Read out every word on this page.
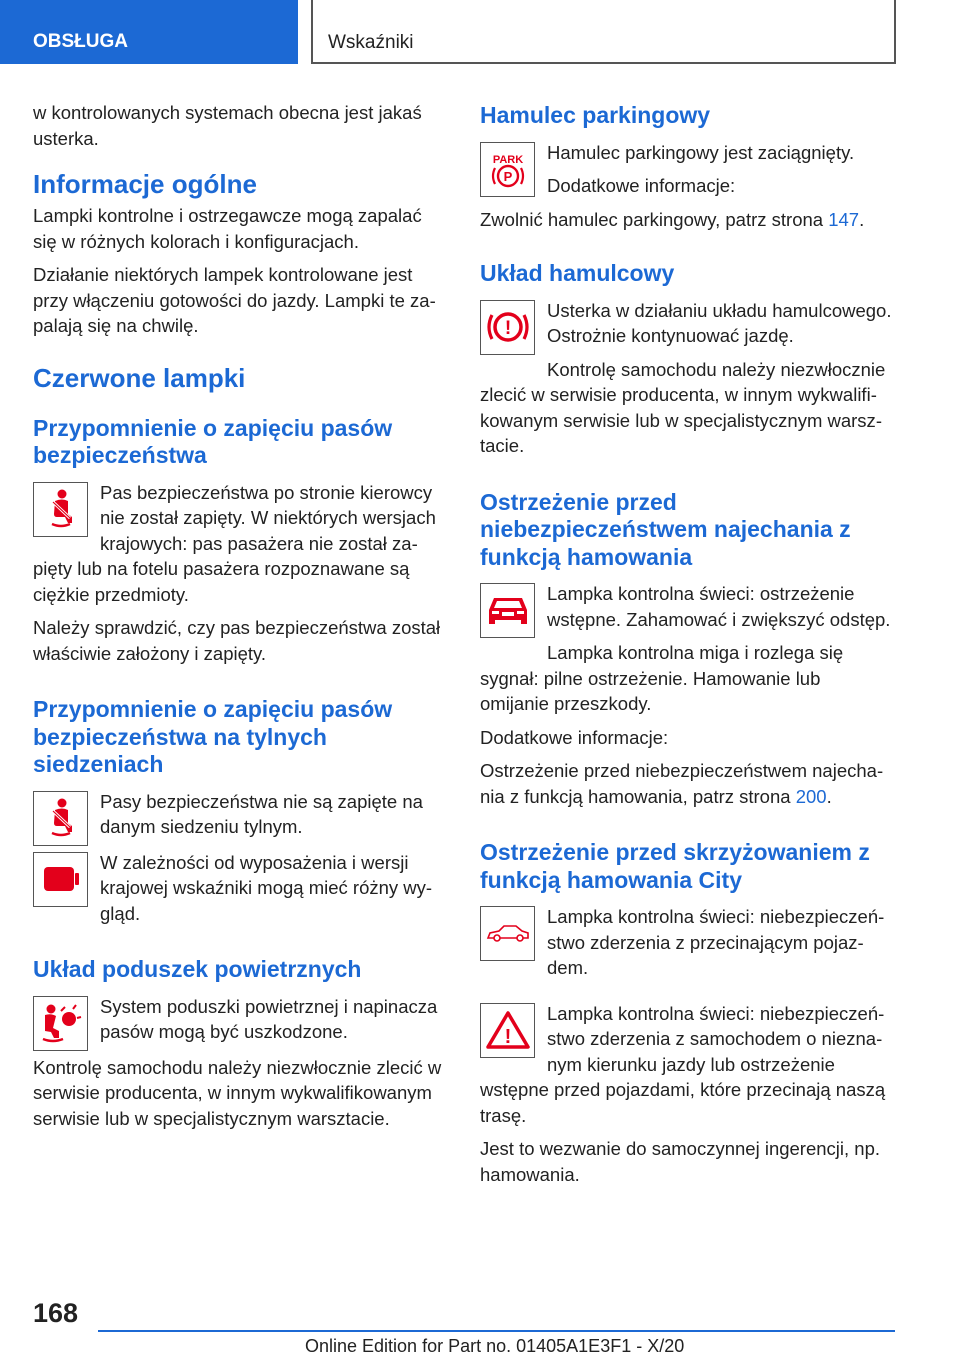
OBSŁUGA	Wskaźniki

w kontrolowanych systemach obecna jest jakaś usterka.

Informacje ogólne

Lampki kontrolne i ostrzegawcze mogą zapalać się w różnych kolorach i konfiguracjach.

Działanie niektórych lampek kontrolowane jest przy włączeniu gotowości do jazdy. Lampki te zapalają się na chwilę.

Czerwone lampki
Przypomnienie o zapięciu pasów bezpieczeństwa

Pas bezpieczeństwa po stronie kierowcy nie został zapięty. W niektórych wersjach krajowych: pas pasażera nie został zapięty lub na fotelu pasażera rozpoznawane są ciężkie przedmioty.

Należy sprawdzić, czy pas bezpieczeństwa został właściwie założony i zapięty.

Przypomnienie o zapięciu pasów bezpieczeństwa na tylnych siedzeniach

Pasy bezpieczeństwa nie są zapięte na danym siedzeniu tylnym.

W zależności od wyposażenia i wersji krajowej wskaźniki mogą mieć różny wygląd.

Układ poduszek powietrznych

System poduszki powietrznej i napinacza pasów mogą być uszkodzone.

Kontrolę samochodu należy niezwłocznie zlecić w serwisie producenta, w innym wykwalifikowanym serwisie lub w specjalistycznym warsztacie.

Hamulec parkingowy
PARK
P

Hamulec parkingowy jest zaciągnięty.

Dodatkowe informacje:

Zwolnić hamulec parkingowy, patrz strona 147.

Układ hamulcowy
!

Usterka w działaniu układu hamulcowego. Ostrożnie kontynuować jazdę.

Kontrolę samochodu należy niezwłocznie zlecić w serwisie producenta, w innym wykwalifikowanym serwisie lub w specjalistycznym warsztacie.

Ostrzeżenie przed niebezpieczeństwem najechania z funkcją hamowania

Lampka kontrolna świeci: ostrzeżenie wstępne. Zahamować i zwiększyć odstęp.

Lampka kontrolna miga i rozlega się sygnał: pilne ostrzeżenie. Hamowanie lub omijanie przeszkody.

Dodatkowe informacje:

Ostrzeżenie przed niebezpieczeństwem najechania z funkcją hamowania, patrz strona 200.

Ostrzeżenie przed skrzyżowaniem z funkcją hamowania City

Lampka kontrolna świeci: niebezpieczeństwo zderzenia z przecinającym pojazdem.

!

Lampka kontrolna świeci: niebezpieczeństwo zderzenia z samochodem o nieznanym kierunku jazdy lub ostrzeżenie wstępne przed pojazdami, które przecinają naszą trasę.

Jest to wezwanie do samoczynnej ingerencji, np. hamowania.

168
Online Edition for Part no. 01405A1E3F1 - X/20
